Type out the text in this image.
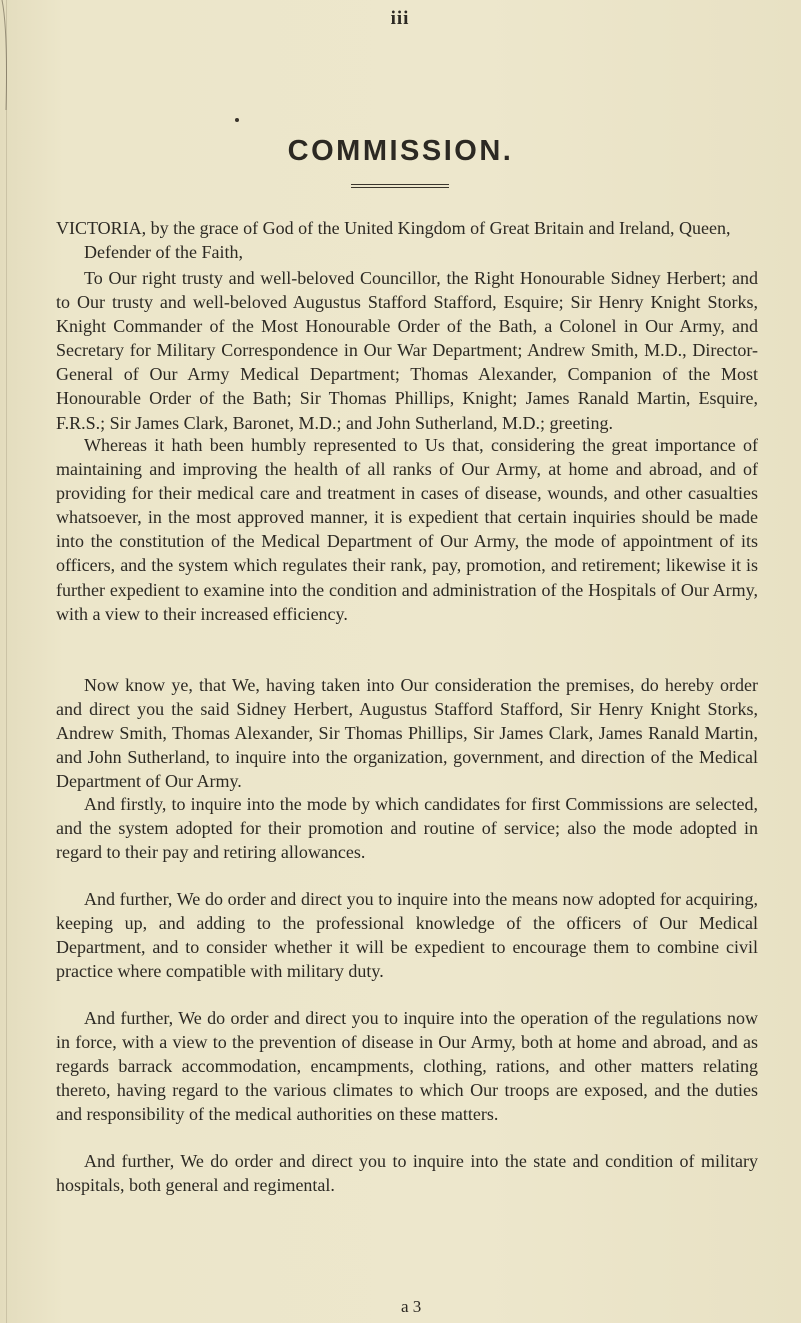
iii
COMMISSION.

VICTORIA, by the grace of God of the United Kingdom of Great Britain and Ireland, Queen, Defender of the Faith,

To Our right trusty and well-beloved Councillor, the Right Honourable Sidney Herbert; and to Our trusty and well-beloved Augustus Stafford Stafford, Esquire; Sir Henry Knight Storks, Knight Commander of the Most Honourable Order of the Bath, a Colonel in Our Army, and Secretary for Military Correspondence in Our War Department; Andrew Smith, M.D., Director-General of Our Army Medical Department; Thomas Alexander, Companion of the Most Honourable Order of the Bath; Sir Thomas Phillips, Knight; James Ranald Martin, Esquire, F.R.S.; Sir James Clark, Baronet, M.D.; and John Sutherland, M.D.; greeting.

Whereas it hath been humbly represented to Us that, considering the great importance of maintaining and improving the health of all ranks of Our Army, at home and abroad, and of providing for their medical care and treatment in cases of disease, wounds, and other casualties whatsoever, in the most approved manner, it is expedient that certain inquiries should be made into the constitution of the Medical Department of Our Army, the mode of appointment of its officers, and the system which regulates their rank, pay, promotion, and retirement; likewise it is further expedient to examine into the condition and administration of the Hospitals of Our Army, with a view to their increased efficiency.

Now know ye, that We, having taken into Our consideration the premises, do hereby order and direct you the said Sidney Herbert, Augustus Stafford Stafford, Sir Henry Knight Storks, Andrew Smith, Thomas Alexander, Sir Thomas Phillips, Sir James Clark, James Ranald Martin, and John Sutherland, to inquire into the organization, government, and direction of the Medical Department of Our Army.

And firstly, to inquire into the mode by which candidates for first Commissions are selected, and the system adopted for their promotion and routine of service; also the mode adopted in regard to their pay and retiring allowances.

And further, We do order and direct you to inquire into the means now adopted for acquiring, keeping up, and adding to the professional knowledge of the officers of Our Medical Department, and to consider whether it will be expedient to encourage them to combine civil practice where compatible with military duty.

And further, We do order and direct you to inquire into the operation of the regulations now in force, with a view to the prevention of disease in Our Army, both at home and abroad, and as regards barrack accommodation, encampments, clothing, rations, and other matters relating thereto, having regard to the various climates to which Our troops are exposed, and the duties and responsibility of the medical authorities on these matters.

And further, We do order and direct you to inquire into the state and condition of military hospitals, both general and regimental.

a 3
